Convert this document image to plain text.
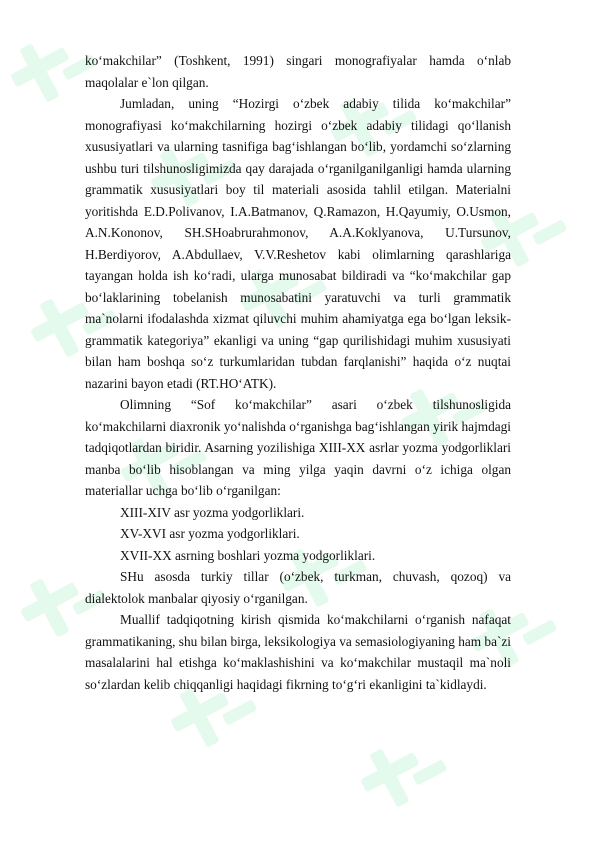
ko‘makchilar” (Toshkent, 1991) singari monografiyalar hamda o‘nlab maqolalar e`lon qilgan.

Jumladan, uning “Hozirgi o‘zbek adabiy tilida ko‘makchilar” monografiyasi ko‘makchilarning hozirgi o‘zbek adabiy tilidagi qo‘llanish xususiyatlari va ularning tasnifiga bag‘ishlangan bo‘lib, yordamchi so‘zlarning ushbu turi tilshunosligimizda qay darajada o‘rganilganilganligi hamda ularning grammatik xususiyatlari boy til materiali asosida tahlil etilgan. Materialni yoritishda E.D.Polivanov, I.A.Batmanov, Q.Ramazon, H.Qayumiy, O.Usmon, A.N.Kononov, SH.SHoabrurahmonov, A.A.Koklyanova, U.Tursunov, H.Berdiyorov, A.Abdullaev, V.V.Reshetov kabi olimlarning qarashlariga tayangan holda ish ko‘radi, ularga munosabat bildiradi va “ko‘makchilar gap bo‘laklarining tobelanish munosabatini yaratuvchi va turli grammatik ma`nolarni ifodalashda xizmat qiluvchi muhim ahamiyatga ega bo‘lgan leksik-grammatik kategoriya” ekanligi va uning “gap qurilishidagi muhim xususiyati bilan ham boshqa so‘z turkumlaridan tubdan farqlanishi” haqida o‘z nuqtai nazarini bayon etadi (RT.HO‘ATK).

Olimning “Sof ko‘makchilar” asari o‘zbek tilshunosligida ko‘makchilarni diaxronik yo‘nalishda o‘rganishga bag‘ishlangan yirik hajmdagi tadqiqotlardan biridir. Asarning yozilishiga XIII-XX asrlar yozma yodgorliklari manba bo‘lib hisoblangan va ming yilga yaqin davrni o‘z ichiga olgan materiallar uchga bo‘lib o‘rganilgan:

XIII-XIV asr yozma yodgorliklari.

XV-XVI asr yozma yodgorliklari.

XVII-XX asrning boshlari yozma yodgorliklari.

SHu asosda turkiy tillar (o‘zbek, turkman, chuvash, qozoq) va dialektolok manbalar qiyosiy o‘rganilgan.

Muallif tadqiqotning kirish qismida ko‘makchilarni o‘rganish nafaqat grammatikaning, shu bilan birga, leksikologiya va semasiologiyaning ham ba`zi masalalarini hal etishga ko‘maklashishini va ko‘makchilar mustaqil ma`noli so‘zlardan kelib chiqqanligi haqidagi fikrning to‘g‘ri ekanligini ta`kidlaydi.
